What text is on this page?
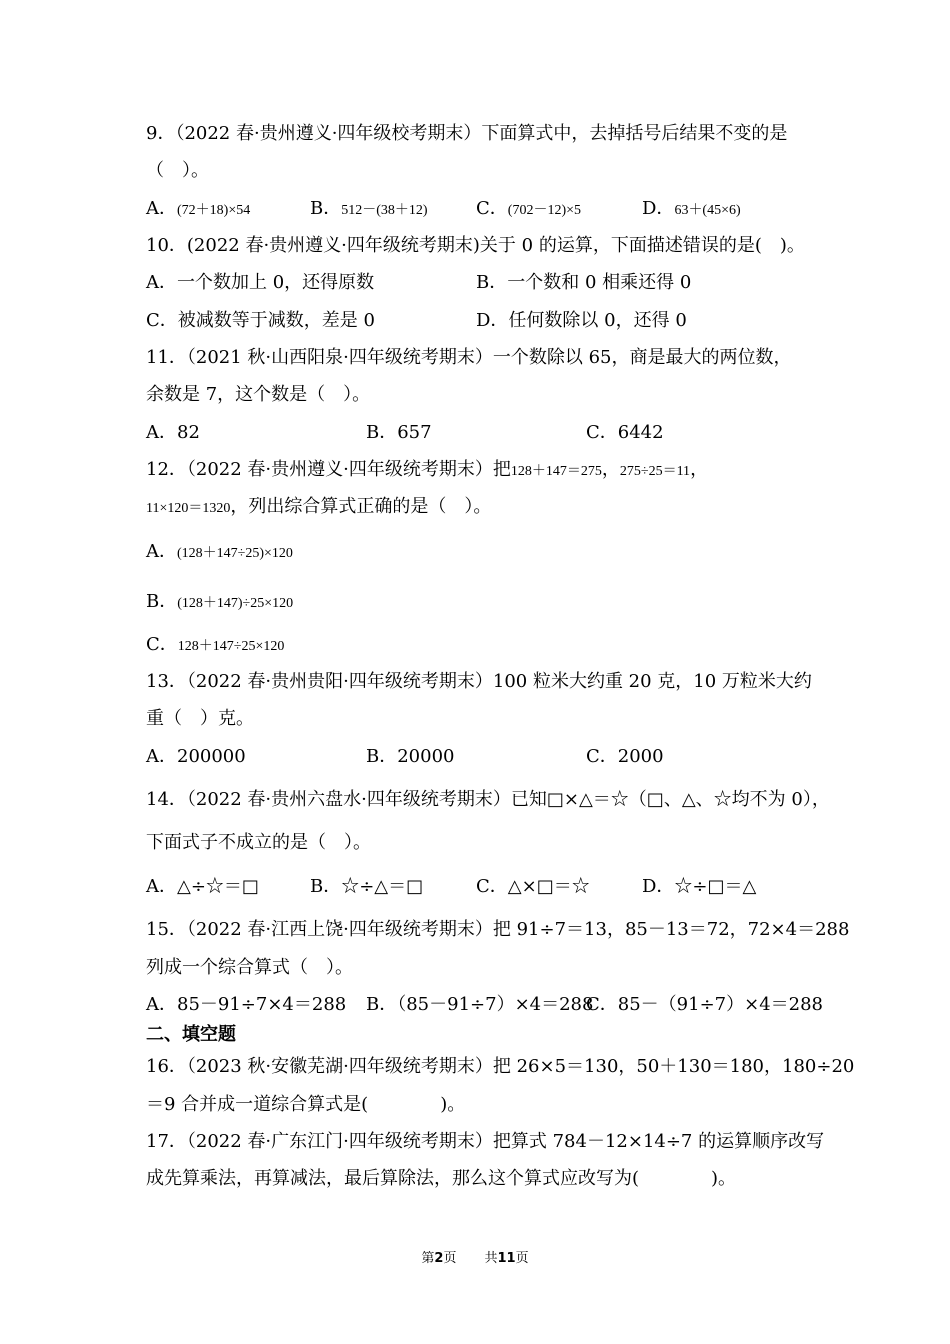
9．（2022 春·贵州遵义·四年级校考期末）下面算式中，去掉括号后结果不变的是
（　）。
A．(72＋18)×54	B．512－(38＋12)	C．(702－12)×5	D．63＋(45×6)
10．(2022 春·贵州遵义·四年级统考期末)关于 0 的运算，下面描述错误的是(　)。
A．一个数加上 0，还得原数	B．一个数和 0 相乘还得 0
C．被减数等于减数，差是 0	D．任何数除以 0，还得 0
11．（2021 秋·山西阳泉·四年级统考期末）一个数除以 65，商是最大的两位数，
余数是 7，这个数是（　）。
A．82	B．657	C．6442
12．（2022 春·贵州遵义·四年级统考期末）把128＋147＝275，275÷25＝11，
11×120＝1320，列出综合算式正确的是（　）。
A．(128＋147÷25)×120
B．(128＋147)÷25×120
C．128＋147÷25×120
13．（2022 春·贵州贵阳·四年级统考期末）100 粒米大约重 20 克，10 万粒米大约
重（　）克。
A．200000	B．20000	C．2000
14．（2022 春·贵州六盘水·四年级统考期末）已知□×△＝☆（□、△、☆均不为 0），
下面式子不成立的是（　）。
A．△÷☆＝□	B．☆÷△＝□	C．△×□＝☆	D．☆÷□＝△
15．（2022 春·江西上饶·四年级统考期末）把 91÷7＝13，85－13＝72，72×4＝288
列成一个综合算式（　）。
A．85－91÷7×4＝288 B．（85－91÷7）×4＝288
C．85－（91÷7）×4＝288
二、填空题
16．（2023 秋·安徽芜湖·四年级统考期末）把 26×5＝130，50＋130＝180，180÷20
＝9 合并成一道综合算式是(　　　　)。
17．（2022 春·广东江门·四年级统考期末）把算式 784－12×14÷7 的运算顺序改写
成先算乘法，再算减法，最后算除法，那么这个算式应改写为(　　　　)。
第2页 共11页
